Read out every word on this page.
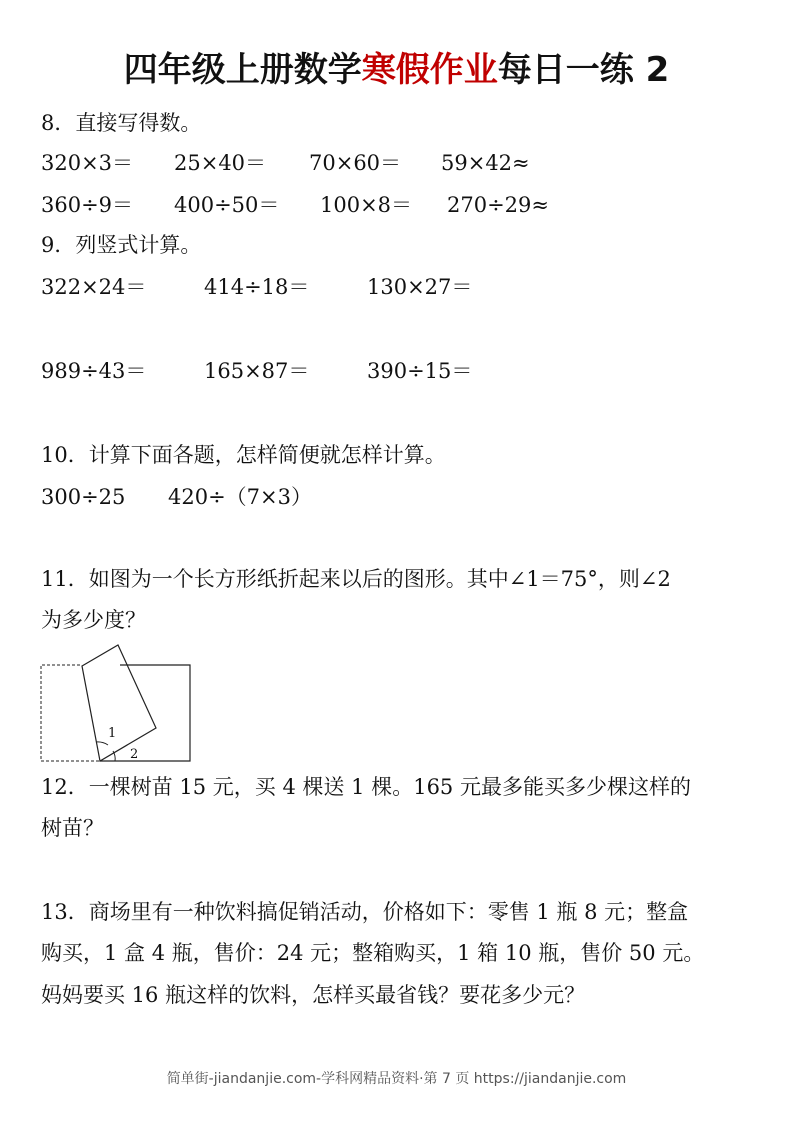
四年级上册数学寒假作业每日一练 2
8．直接写得数。
320×3＝ 25×40＝ 70×60＝ 59×42≈
360÷9＝ 400÷50＝ 100×8＝ 270÷29≈
9．列竖式计算。
322×24＝	414÷18＝	130×27＝
989÷43＝	165×87＝	390÷15＝
10．计算下面各题，怎样简便就怎样计算。
300÷25 420÷（7×3）
11．如图为一个长方形纸折起来以后的图形。其中∠1＝75°，则∠2
为多少度？
1
2
12．一棵树苗 15 元，买 4 棵送 1 棵。165 元最多能买多少棵这样的
树苗？
13．商场里有一种饮料搞促销活动，价格如下：零售 1 瓶 8 元；整盒
购买，1 盒 4 瓶，售价：24 元；整箱购买，1 箱 10 瓶，售价 50 元。
妈妈要买 16 瓶这样的饮料，怎样买最省钱？要花多少元？
简单街-jiandanjie.com-学科网精品资料·第 7 页 https://jiandanjie.com
